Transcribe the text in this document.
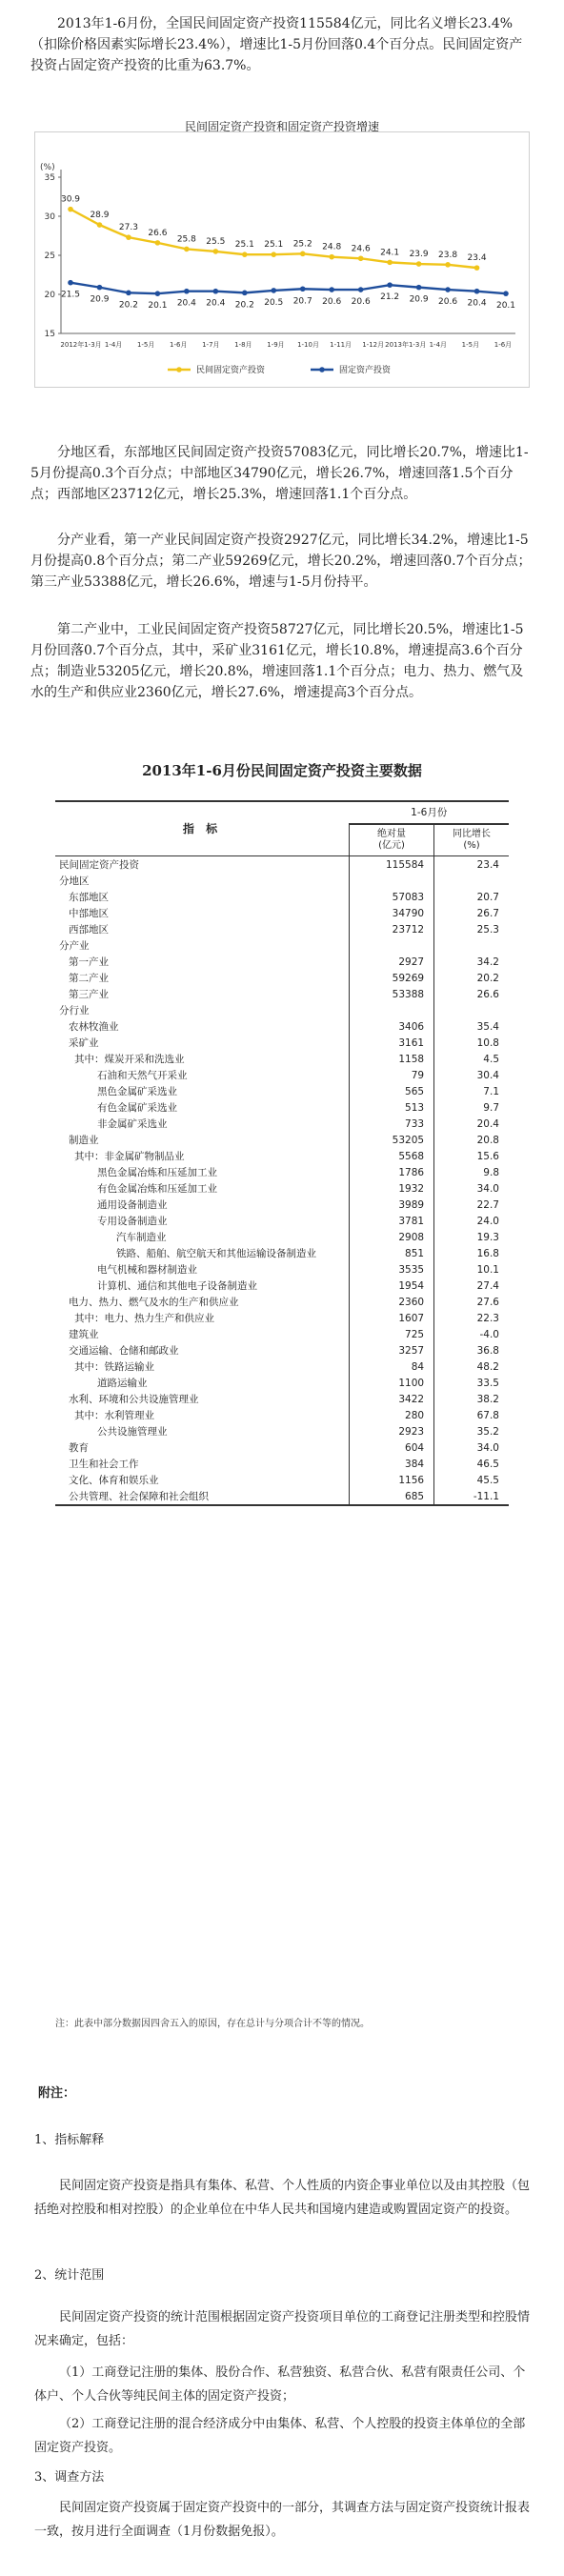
2013年1-6月份，全国民间固定资产投资115584亿元，同比名义增长23.4%（扣除价格因素实际增长23.4%），增速比1-5月份回落0.4个百分点。民间固定资产投资占固定资产投资的比重为63.7%。
民间固定资产投资和固定资产投资增速
(%)
15
20
25
30
35
30.9
28.9
27.3
26.6
25.8 25.5 25.1 25.1 25.2 24.8 24.6 24.1 23.9 23.8 23.4
21.5 20.9
20.2 20.1 20.4 20.4 20.2 20.5 20.7 20.6 20.6 21.2 20.9 20.6 20.4 20.1
2012年1-3月 1-4月 1-5月 1-6月 1-7月 1-8月 1-9月 1-10月 1-11月 1-12月 2013年1-3月 1-4月 1-5月 1-6月
民间固定资产投资	固定资产投资
分地区看，东部地区民间固定资产投资57083亿元，同比增长20.7%，增速比1-5月份提高0.3个百分点；中部地区34790亿元，增长26.7%，增速回落1.5个百分点；西部地区23712亿元，增长25.3%，增速回落1.1个百分点。
分产业看，第一产业民间固定资产投资2927亿元，同比增长34.2%，增速比1-5月份提高0.8个百分点；第二产业59269亿元，增长20.2%，增速回落0.7个百分点；第三产业53388亿元，增长26.6%，增速与1-5月份持平。
第二产业中，工业民间固定资产投资58727亿元，同比增长20.5%，增速比1-5月份回落0.7个百分点，其中，采矿业3161亿元，增长10.8%，增速提高3.6个百分点；制造业53205亿元，增长20.8%，增速回落1.1个百分点；电力、热力、燃气及水的生产和供应业2360亿元，增长27.6%，增速提高3个百分点。
2013年1-6月份民间固定资产投资主要数据
指 标	1-6月份	
	绝对量
(亿元)	同比增长
(%)
民间固定资产投资	115584	23.4
分地区		
东部地区	57083	20.7
中部地区	34790	26.7
西部地区	23712	25.3
分产业		
第一产业	2927	34.2
第二产业	59269	20.2
第三产业	53388	26.6
分行业		
农林牧渔业	3406	35.4
采矿业	3161	10.8
其中：煤炭开采和洗选业	1158	4.5
石油和天然气开采业	79	30.4
黑色金属矿采选业	565	7.1
有色金属矿采选业	513	9.7
非金属矿采选业	733	20.4
制造业	53205	20.8
其中：非金属矿物制品业	5568	15.6
黑色金属冶炼和压延加工业	1786	9.8
有色金属冶炼和压延加工业	1932	34.0
通用设备制造业	3989	22.7
专用设备制造业	3781	24.0
汽车制造业	2908	19.3
铁路、船舶、航空航天和其他运输设备制造业	851	16.8
电气机械和器材制造业	3535	10.1
计算机、通信和其他电子设备制造业	1954	27.4
电力、热力、燃气及水的生产和供应业	2360	27.6
其中：电力、热力生产和供应业	1607	22.3
建筑业	725	-4.0
交通运输、仓储和邮政业	3257	36.8
其中：铁路运输业	84	48.2
道路运输业	1100	33.5
水利、环境和公共设施管理业	3422	38.2
其中：水利管理业	280	67.8
公共设施管理业	2923	35.2
教育	604	34.0
卫生和社会工作	384	46.5
文化、体育和娱乐业	1156	45.5
公共管理、社会保障和社会组织	685	-11.1
注：此表中部分数据因四舍五入的原因，存在总计与分项合计不等的情况。
附注：
1、指标解释
民间固定资产投资是指具有集体、私营、个人性质的内资企事业单位以及由其控股（包括绝对控股和相对控股）的企业单位在中华人民共和国境内建造或购置固定资产的投资。
2、统计范围
民间固定资产投资的统计范围根据固定资产投资项目单位的工商登记注册类型和控股情况来确定，包括：
（1）工商登记注册的集体、股份合作、私营独资、私营合伙、私营有限责任公司、个体户、个人合伙等纯民间主体的固定资产投资；
（2）工商登记注册的混合经济成分中由集体、私营、个人控股的投资主体单位的全部固定资产投资。
3、调查方法
民间固定资产投资属于固定资产投资中的一部分，其调查方法与固定资产投资统计报表一致，按月进行全面调查（1月份数据免报）。
